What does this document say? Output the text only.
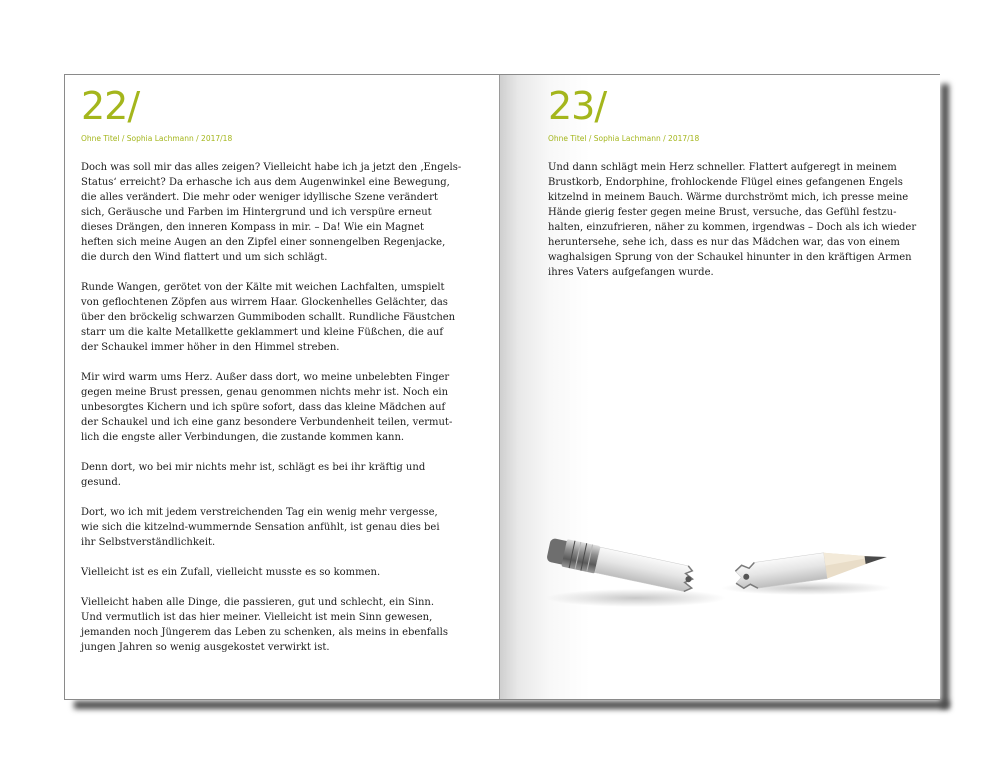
22/
Ohne Titel / Sophia Lachmann / 2017/18

Doch was soll mir das alles zeigen? Vielleicht habe ich ja jetzt den ‚Engels-
Status‘ erreicht? Da erhasche ich aus dem Augenwinkel eine Bewegung,
die alles verändert. Die mehr oder weniger idyllische Szene verändert
sich, Geräusche und Farben im Hintergrund und ich verspüre erneut
dieses Drängen, den inneren Kompass in mir. – Da! Wie ein Magnet
heften sich meine Augen an den Zipfel einer sonnengelben Regenjacke,
die durch den Wind flattert und um sich schlägt.

Runde Wangen, gerötet von der Kälte mit weichen Lachfalten, umspielt
von geflochtenen Zöpfen aus wirrem Haar. Glockenhelles Gelächter, das
über den bröckelig schwarzen Gummiboden schallt. Rundliche Fäustchen
starr um die kalte Metallkette geklammert und kleine Füßchen, die auf
der Schaukel immer höher in den Himmel streben.

Mir wird warm ums Herz. Außer dass dort, wo meine unbelebten Finger
gegen meine Brust pressen, genau genommen nichts mehr ist. Noch ein
unbesorgtes Kichern und ich spüre sofort, dass das kleine Mädchen auf
der Schaukel und ich eine ganz besondere Verbundenheit teilen, vermut-
lich die engste aller Verbindungen, die zustande kommen kann.

Denn dort, wo bei mir nichts mehr ist, schlägt es bei ihr kräftig und
gesund.

Dort, wo ich mit jedem verstreichenden Tag ein wenig mehr vergesse,
wie sich die kitzelnd-wummernde Sensation anfühlt, ist genau dies bei
ihr Selbstverständlichkeit.

Vielleicht ist es ein Zufall, vielleicht musste es so kommen.

Vielleicht haben alle Dinge, die passieren, gut und schlecht, ein Sinn.
Und vermutlich ist das hier meiner. Vielleicht ist mein Sinn gewesen,
jemanden noch Jüngerem das Leben zu schenken, als meins in ebenfalls
jungen Jahren so wenig ausgekostet verwirkt ist.

23/
Ohne Titel / Sophia Lachmann / 2017/18

Und dann schlägt mein Herz schneller. Flattert aufgeregt in meinem
Brustkorb, Endorphine, frohlockende Flügel eines gefangenen Engels
kitzelnd in meinem Bauch. Wärme durchströmt mich, ich presse meine
Hände gierig fester gegen meine Brust, versuche, das Gefühl festzu-
halten, einzufrieren, näher zu kommen, irgendwas – Doch als ich wieder
heruntersehe, sehe ich, dass es nur das Mädchen war, das von einem
waghalsigen Sprung von der Schaukel hinunter in den kräftigen Armen
ihres Vaters aufgefangen wurde.
